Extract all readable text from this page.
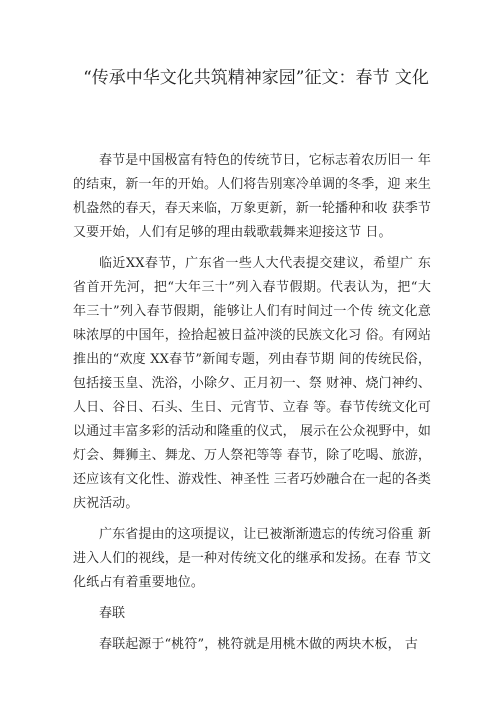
“传承中华文化共筑精神家园”征文：春节 文化

春节是中国极富有特色的传统节日，它标志着农历旧一 年的结束，新一年的开始。人们将告别寒冷单调的冬季，迎 来生机盎然的春天，春天来临，万象更新，新一轮播种和收 获季节又要开始，人们有足够的理由载歌载舞来迎接这节 日。

临近XX春节，广东省一些人大代表提交建议，希望广 东省首开先河，把“大年三十”列入春节假期。代表认为，把“大年三十”列入春节假期，能够让人们有时间过一个传 统文化意味浓厚的中国年，捡拾起被日益冲淡的民族文化习 俗。有网站推出的“欢度 XX春节”新闻专题，列由春节期 间的传统民俗，包括接玉皇、洗浴，小除夕、正月初一、祭 财神、烧门神约、人日、谷日、石头、生日、元宵节、立春 等。春节传统文化可以通过丰富多彩的活动和隆重的仪式， 展示在公众视野中，如灯会、舞狮主、舞龙、万人祭祀等等 春节，除了吃喝、旅游，还应该有文化性、游戏性、神圣性 三者巧妙融合在一起的各类庆祝活动。

广东省提由的这项提议，让已被渐渐遗忘的传统习俗重 新进入人们的视线，是一种对传统文化的继承和发扬。在春 节文化纸占有着重要地位。

春联

春联起源于“桃符”，桃符就是用桃木做的两块木板， 古
